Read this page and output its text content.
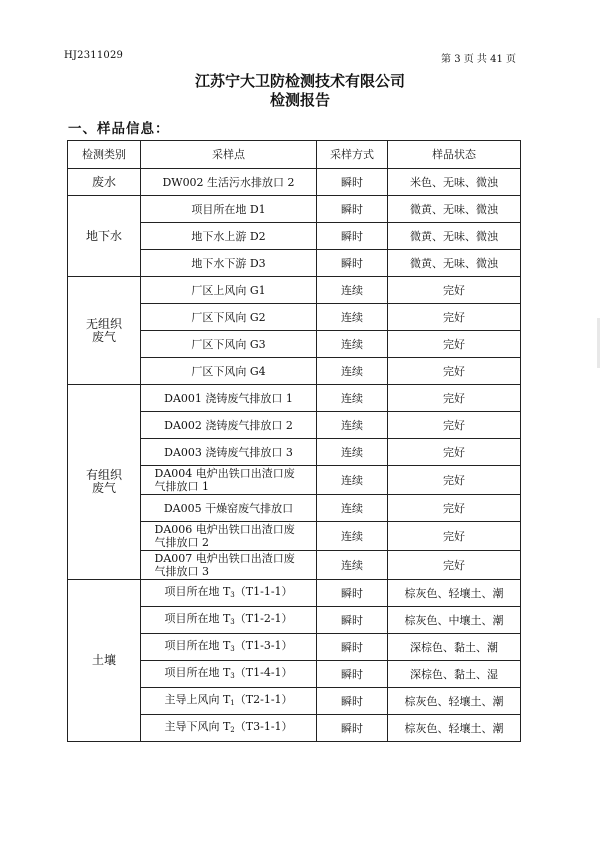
HJ2311029	第 3 页 共 41 页
江苏宁大卫防检测技术有限公司
检测报告
一、样品信息：
检测类别	采样点	采样方式	样品状态
废水	DW002 生活污水排放口 2	瞬时	米色、无味、微浊
地下水	项目所在地 D1	瞬时	微黄、无味、微浊
	地下水上游 D2	瞬时	微黄、无味、微浊
	地下水下游 D3	瞬时	微黄、无味、微浊
无组织废气	厂区上风向 G1	连续	完好
	厂区下风向 G2	连续	完好
	厂区下风向 G3	连续	完好
	厂区下风向 G4	连续	完好
有组织废气	DA001 浇铸废气排放口 1	连续	完好
	DA002 浇铸废气排放口 2	连续	完好
	DA003 浇铸废气排放口 3	连续	完好
	DA004 电炉出铁口出渣口废气排放口 1	连续	完好
	DA005 干燥窑废气排放口	连续	完好
	DA006 电炉出铁口出渣口废气排放口 2	连续	完好
	DA007 电炉出铁口出渣口废气排放口 3	连续	完好
土壤	项目所在地 $T_3(T1-1-1)$	瞬时	棕灰色、轻壤土、潮
	项目所在地 $T_3(T1-2-1)$	瞬时	棕灰色、中壤土、潮
	项目所在地 $T_3(T1-3-1)$	瞬时	深棕色、黏土、潮
	项目所在地 $T_3(T1-4-1)$	瞬时	深棕色、黏土、湿
	主导上风向 $T_1(T2-1-1)$	瞬时	棕灰色、轻壤土、潮
	主导下风向 $T_2(T3-1-1)$	瞬时	棕灰色、轻壤土、潮
